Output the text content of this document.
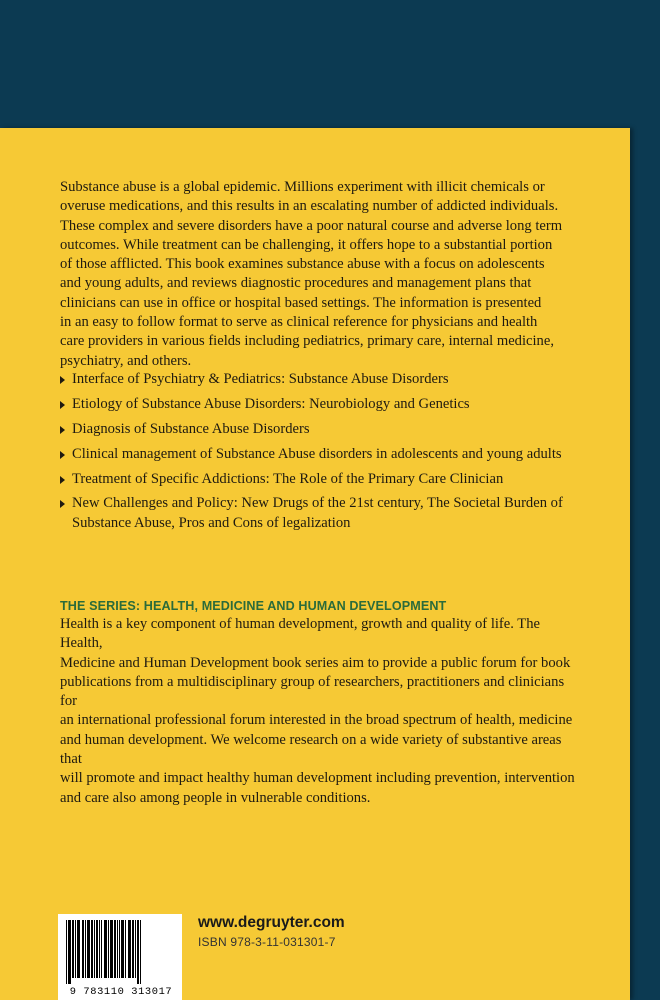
Substance abuse is a global epidemic. Millions experiment with illicit chemicals or
overuse medications, and this results in an escalating number of addicted individuals.
These complex and severe disorders have a poor natural course and adverse long term
outcomes. While treatment can be challenging, it offers hope to a substantial portion
of those afflicted. This book examines substance abuse with a focus on adolescents
and young adults, and reviews diagnostic procedures and management plans that
clinicians can use in office or hospital based settings. The information is presented
in an easy to follow format to serve as clinical reference for physicians and health
care providers in various fields including pediatrics, primary care, internal medicine,
psychiatry, and others.

Interface of Psychiatry & Pediatrics: Substance Abuse Disorders
Etiology of Substance Abuse Disorders: Neurobiology and Genetics
Diagnosis of Substance Abuse Disorders
Clinical management of Substance Abuse disorders in adolescents and young adults
Treatment of Specific Addictions: The Role of the Primary Care Clinician
New Challenges and Policy: New Drugs of the 21st century, The Societal Burden of
Substance Abuse, Pros and Cons of legalization
THE SERIES: HEALTH, MEDICINE AND HUMAN DEVELOPMENT

Health is a key component of human development, growth and quality of life. The Health,
Medicine and Human Development book series aim to provide a public forum for book
publications from a multidisciplinary group of researchers, practitioners and clinicians for
an international professional forum interested in the broad spectrum of health, medicine
and human development. We welcome research on a wide variety of substantive areas that
will promote and impact healthy human development including prevention, intervention
and care also among people in vulnerable conditions.

9 783110 313017
www.degruyter.com
ISBN 978-3-11-031301-7
